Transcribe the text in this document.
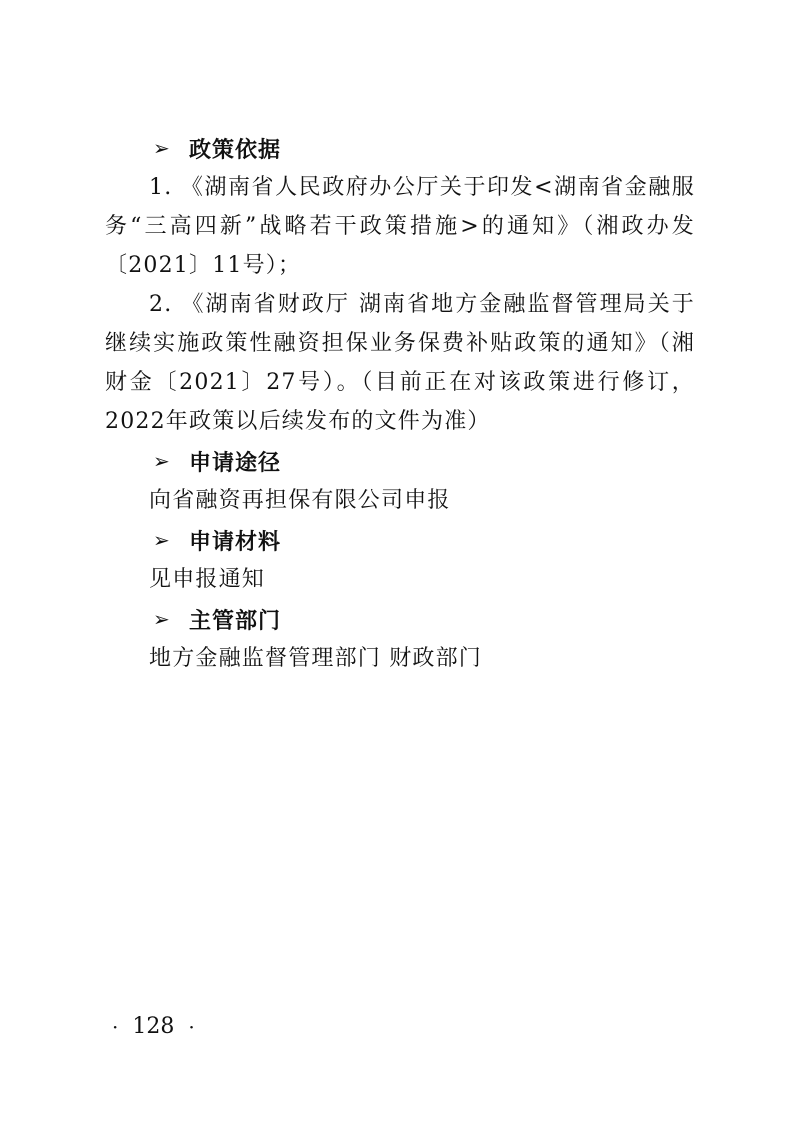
➢ 政策依据

1. 《湖南省人民政府办公厅关于印发<湖南省金融服务“三高四新”战略若干政策措施>的通知》（湘政办发〔2021〕11号）；

2. 《湖南省财政厅 湖南省地方金融监督管理局关于继续实施政策性融资担保业务保费补贴政策的通知》（湘财金〔2021〕27号）。（目前正在对该政策进行修订，2022年政策以后续发布的文件为准）

➢ 申请途径

向省融资再担保有限公司申报

➢ 申请材料

见申报通知

➢ 主管部门

地方金融监督管理部门 财政部门

· 128 ·
